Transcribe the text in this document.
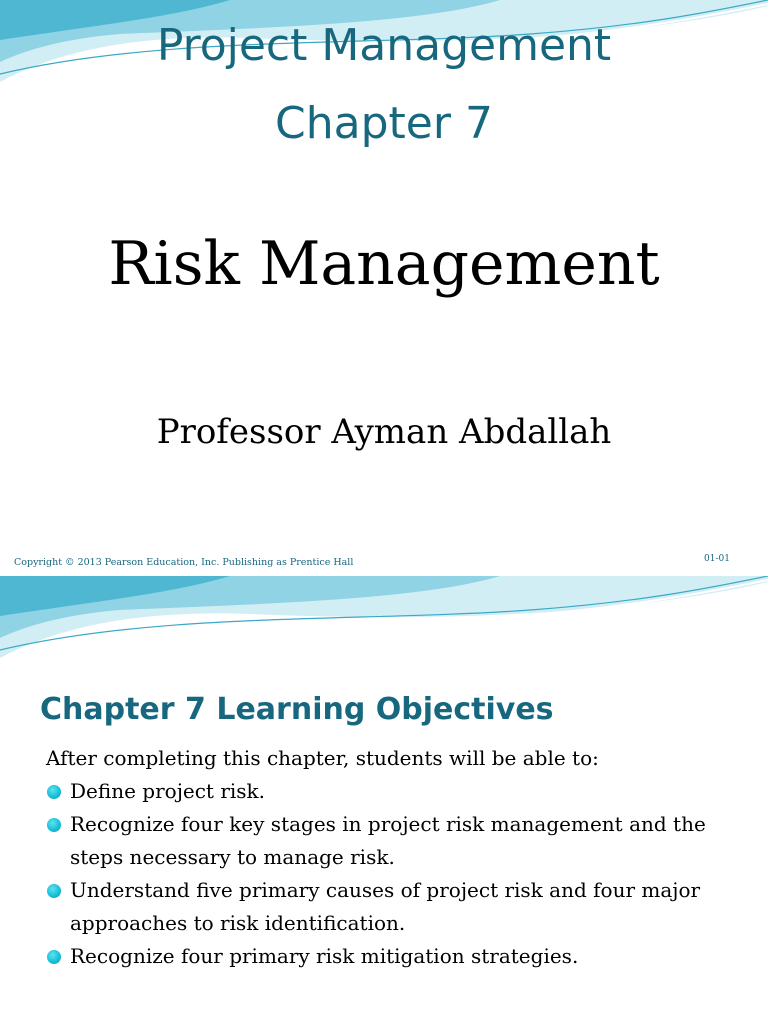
Project Management
Chapter 7
Risk Management
Professor Ayman Abdallah
Copyright © 2013 Pearson Education, Inc. Publishing as Prentice Hall	01-01
Chapter 7 Learning Objectives

After completing this chapter, students will be able to:

Define project risk.
Recognize four key stages in project risk management and the steps necessary to manage risk.
Understand five primary causes of project risk and four major approaches to risk identification.
Recognize four primary risk mitigation strategies.
